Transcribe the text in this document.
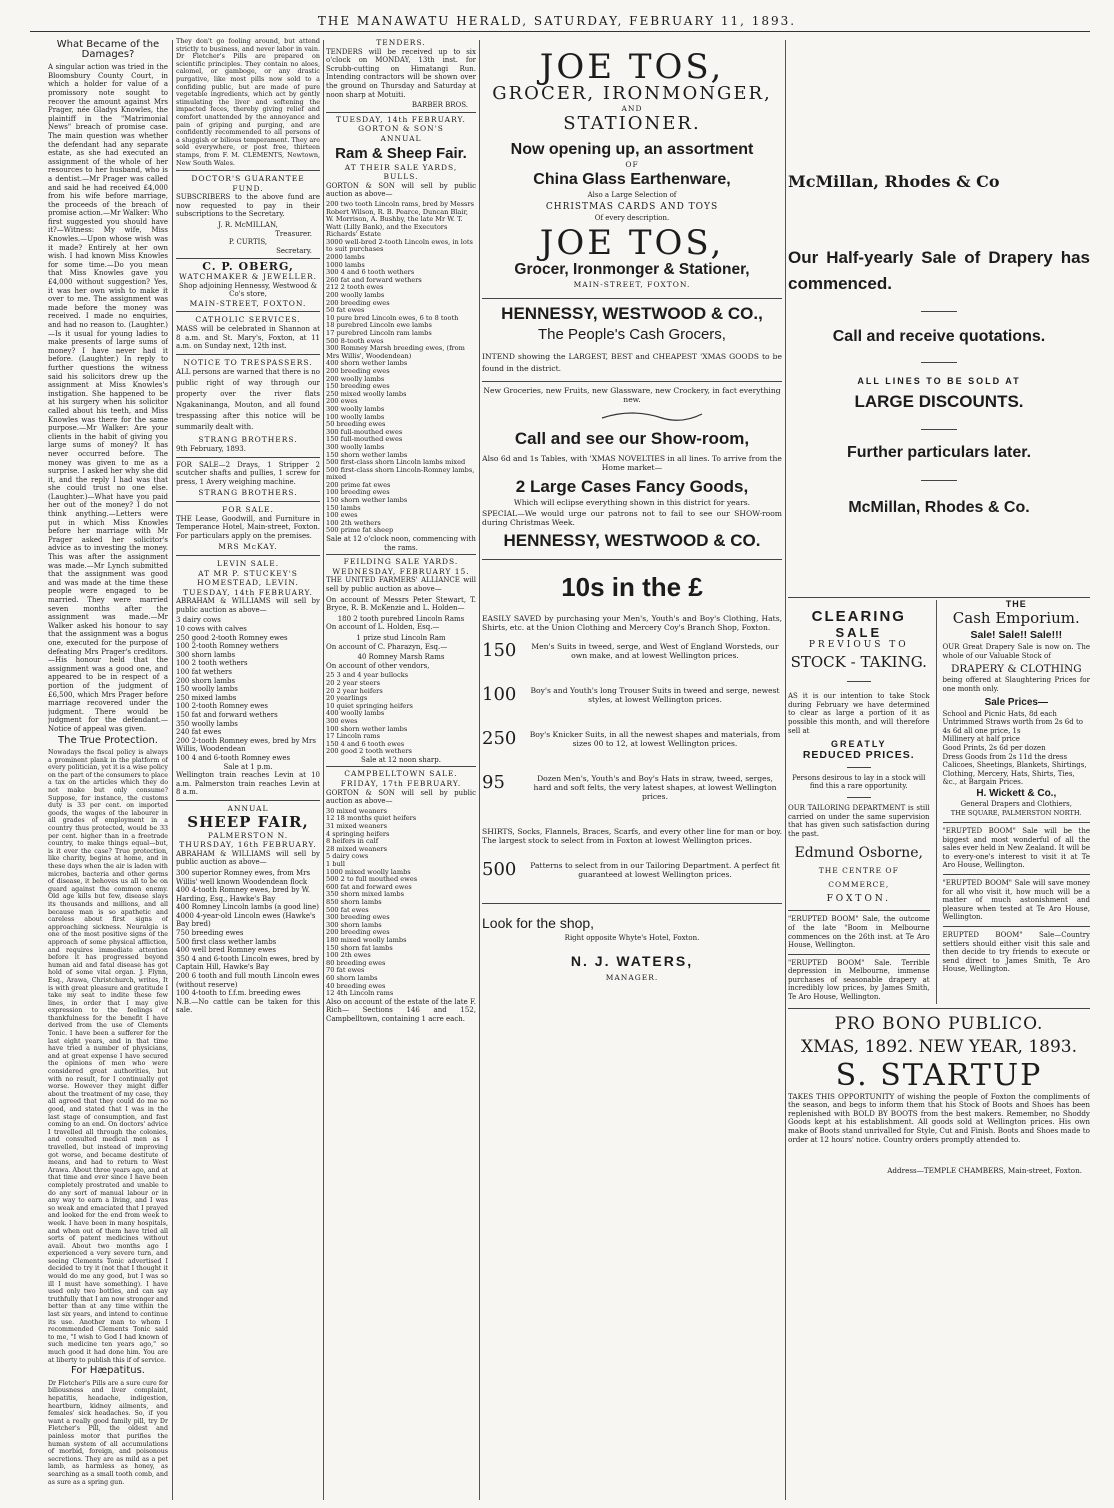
THE MANAWATU HERALD, SATURDAY, FEBRUARY 11, 1893.
What Became of the Damages?

A singular action was tried in the Bloomsbury County Court, in which a holder for value of a promissory note sought to recover the amount against Mrs Prager, née Gladys Knowles, the plaintiff in the "Matrimonial News" breach of promise case. The main question was whether the defendant had any separate estate, as she had executed an assignment of the whole of her resources to her husband, who is a dentist.—Mr Prager was called and said he had received £4,000 from his wife before marriage, the proceeds of the breach of promise action.—Mr Walker: Who first suggested you should have it?—Witness: My wife, Miss Knowles.—Upon whose wish was it made? Entirely at her own wish. I had known Miss Knowles for some time.—Do you mean that Miss Knowles gave you £4,000 without suggestion? Yes, it was her own wish to make it over to me. The assignment was made before the money was received. I made no enquiries, and had no reason to. (Laughter.)—Is it usual for young ladies to make presents of large sums of money? I have never had it before. (Laughter.) In reply to further questions the witness said his solicitors drew up the assignment at Miss Knowles's instigation. She happened to be at his surgery when his solicitor called about his teeth, and Miss Knowles was there for the same purpose.—Mr Walker: Are your clients in the habit of giving you large sums of money? It has never occurred before. The money was given to me as a surprise. I asked her why she did it, and the reply I had was that she could trust no one else. (Laughter.)—What have you paid her out of the money? I do not think anything.—Letters were put in which Miss Knowles before her marriage with Mr Prager asked her solicitor's advice as to investing the money. This was after the assignment was made.—Mr Lynch submitted that the assignment was good and was made at the time these people were engaged to be married. They were married seven months after the assignment was made.—Mr Walker asked his honour to say that the assignment was a bogus one, executed for the purpose of defeating Mrs Prager's creditors.—His honour held that the assignment was a good one, and appeared to be in respect of a portion of the judgment of £6,500, which Mrs Prager before marriage recovered under the judgment. There would be judgment for the defendant.—Notice of appeal was given.

The True Protection.

Nowadays the fiscal policy is always a prominent plank in the platform of every politician, yet it is a wise policy on the part of the consumers to place a tax on the articles which they do not make but only consume? Suppose, for instance, the customs duty is 33 per cent. on imported goods, the wages of the labourer in all grades of employment in a country thus protected, would be 33 per cent. higher than in a freetrade country, to make things equal—but, is it ever the case? True protection, like charity, begins at home, and in these days when the air is laden with microbes, bacteria and other germs of disease, it behoves us all to be on guard against the common enemy. Old age kills but few, disease slays its thousands and millions, and all because man is so apathetic and careless about first signs of approaching sickness. Neuralgia is one of the most positive signs of the approach of some physical affliction, and requires immediate attention before it has progressed beyond human aid and fatal disease has got hold of some vital organ. J. Flynn, Esq., Arawa, Christchurch, writes, It is with great pleasure and gratitude I take my seat to indite these few lines, in order that I may give expression to the feelings of thankfulness for the benefit I have derived from the use of Clements Tonic. I have been a sufferer for the last eight years, and in that time have tried a number of physicians, and at great expense I have secured the opinions of men who were considered great authorities, but with no result, for I continually got worse. However they might differ about the treatment of my case, they all agreed that they could do me no good, and stated that I was in the last stage of consumption, and fast coming to an end. On doctors' advice I travelled all through the colonies, and consulted medical men as I travelled, but instead of improving got worse, and became destitute of means, and had to return to West Arawa. About three years ago, and at that time and ever since I have been completely prostrated and unable to do any sort of manual labour or in any way to earn a living, and I was so weak and emaciated that I prayed and looked for the end from week to week. I have been in many hospitals, and when out of them have tried all sorts of patent medicines without avail. About two months ago I experienced a very severe turn, and seeing Clements Tonic advertised I decided to try it (not that I thought it would do me any good, but I was so ill I must have something). I have used only two bottles, and can say truthfully that I am now stronger and better than at any time within the last six years, and intend to continue its use. Another man to whom I recommended Clements Tonic said to me, "I wish to God I had known of such medicine ten years ago," so much good it had done him. You are at liberty to publish this if of service.

For Hæpatitus.

Dr Fletcher's Pills are a sure cure for biliousness and liver complaint, hepatitis, headache, indigestion, heartburn, kidney ailments, and females' sick headaches. So, if you want a really good family pill, try Dr Fletcher's Pill, the oldest and painless motor that purifies the human system of all accumulations of morbid, foreign, and poisonous secretions. They are as mild as a pet lamb, as harmless as honey, as searching as a small tooth comb, and as sure as a spring gun.

They don't go fooling around, but attend strictly to business, and never labor in vain. Dr Fletcher's Pills are prepared on scientific principles. They contain no aloes, calomel, or gamboge, or any drastic purgative, like most pills now sold to a confiding public, but are made of pure vegetable ingredients, which act by gently stimulating the liver and softening the impacted feces, thereby giving relief and comfort unattended by the annoyance and pain of griping and purging, and are confidently recommended to all persons of a sluggish or bilious temperament. They are sold everywhere, or post free, thirteen stamps, from F. M. CLEMENTS, Newtown, New South Wales.

DOCTOR'S GUARANTEE FUND.

SUBSCRIBERS to the above fund are now requested to pay in their subscriptions to the Secretary.

J. R. McMILLAN,
Treasurer.
P. CURTIS,
Secretary.
C. P. OBERG,
WATCHMAKER & JEWELLER.
Shop adjoining Hennessy, Westwood & Co's store,
MAIN-STREET, FOXTON.
CATHOLIC SERVICES.

MASS will be celebrated in Shannon at 8 a.m. and St. Mary's, Foxton, at 11 a.m. on Sunday next, 12th inst.

NOTICE TO TRESPASSERS.

ALL persons are warned that there is no public right of way through our property over the river flats Ngakaninanga, Mouton, and all found trespassing after this notice will be summarily dealt with.

STRANG BROTHERS.
9th February, 1893.

FOR SALE—2 Drays, 1 Stripper 2 scutcher shafts and pullies, 1 screw for press, 1 Avery weighing machine.

STRANG BROTHERS.
FOR SALE.

THE Lease, Goodwill, and Furniture in Temperance Hotel, Main-street, Foxton. For particulars apply on the premises.

MRS McKAY.
LEVIN SALE.
AT MR P. STUCKEY'S HOMESTEAD, LEVIN.
TUESDAY, 14th FEBRUARY.

ABRAHAM & WILLIAMS will sell by public auction as above—

3 dairy cows
10 cows with calves
250 good 2-tooth Romney ewes
100 2-tooth Romney wethers
300 shorn lambs
100 2 tooth wethers
100 fat wethers
200 shorn lambs
150 woolly lambs
250 mixed lambs
100 2-tooth Romney ewes
150 fat and forward wethers
350 woolly lambs
240 fat ewes
200 2-tooth Romney ewes, bred by Mrs Willis, Woodendean
100 4 and 6-tooth Romney ewes
Sale at 1 p.m.

Wellington train reaches Levin at 10 a.m. Palmerston train reaches Levin at 8 a.m.

ANNUAL
SHEEP FAIR,
PALMERSTON N.
THURSDAY, 16th FEBRUARY.

ABRAHAM & WILLIAMS will sell by public auction as above—

300 superior Romney ewes, from Mrs Willis' well known Woodendean flock
400 4-tooth Romney ewes, bred by W. Harding, Esq., Hawke's Bay
400 Romney Lincoln lambs (a good line)
4000 4-year-old Lincoln ewes (Hawke's Bay bred)
750 breeding ewes
500 first class wether lambs
400 well bred Romney ewes
350 4 and 6-tooth Lincoln ewes, bred by Captain Hill, Hawke's Bay
200 6 tooth and full mouth Lincoln ewes (without reserve)
100 4-tooth to f.f.m. breeding ewes

N.B.—No cattle can be taken for this sale.

TENDERS.

TENDERS will be received up to six o'clock on MONDAY, 13th inst. for Scrubb-cutting on Himatangi Run. Intending contractors will be shown over the ground on Thursday and Saturday at noon sharp at Motuiti.

BARBER BROS.
TUESDAY, 14th FEBRUARY.
GORTON & SON'S
ANNUAL
Ram & Sheep Fair.
AT THEIR SALE YARDS, BULLS.

GORTON & SON will sell by public auction as above—

200 two tooth Lincoln rams, bred by Messrs Robert Wilson, R. B. Pearce, Duncan Blair, W. Morrison, A. Bushby, the late Mr W. T. Watt (Lilly Bank), and the Executors Richards' Estate
3000 well-bred 2-tooth Lincoln ewes, in lots to suit purchases
2000 lambs
1000 lambs
300 4 and 6 tooth wethers
260 fat and forward wethers
212 2 tooth ewes
200 woolly lambs
200 breeding ewes
50 fat ewes
10 pure bred Lincoln ewes, 6 to 8 tooth
18 purebred Lincoln ewe lambs
17 purebred Lincoln ram lambs
500 8-tooth ewes
300 Romney Marsh breeding ewes, (from Mrs Willis', Woodendean)
400 shorn wether lambs
200 breeding ewes
200 woolly lambs
150 breeding ewes
250 mixed woolly lambs
200 ewes
300 woolly lambs
100 woolly lambs
50 breeding ewes
300 full-mouthed ewes
150 full-mouthed ewes
300 woolly lambs
150 shorn wether lambs
500 first-class shorn Lincoln lambs mixed
500 first-class shorn Lincoln-Romney lambs, mixed
200 prime fat ewes
100 breeding ewes
150 shorn wether lambs
150 lambs
100 ewes
100 2th wethers
500 prime fat sheep

Sale at 12 o'clock noon, commencing with the rams.

FEILDING SALE YARDS.
WEDNESDAY, FEBRUARY 15.

THE UNITED FARMERS' ALLIANCE will sell by public auction as above—

On account of Messrs Peter Stewart, T. Bryce, R. B. McKenzie and L. Holden—

180 2 tooth purebred Lincoln Rams

On account of L. Holden, Esq.—

1 prize stud Lincoln Ram

On account of C. Pharazyn, Esq.—

40 Romney Marsh Rams

On account of other vendors,

25 3 and 4 year bullocks
20 2 year steers
20 2 year heifers
20 yearlings
10 quiet springing heifers
400 woolly lambs
300 ewes
100 shorn wether lambs
17 Lincoln rams
150 4 and 6 tooth ewes
200 good 2 tooth wethers
Sale at 12 noon sharp.
CAMPBELLTOWN SALE.
FRIDAY, 17th FEBRUARY.

GORTON & SON will sell by public auction as above—

30 mixed weaners
12 18 months quiet heifers
31 mixed weaners
4 springing heifers
8 heifers in calf
28 mixed weaners
5 dairy cows
1 bull
1000 mixed woolly lambs
500 2 to full mouthed ewes
600 fat and forward ewes
350 shorn mixed lambs
850 shorn lambs
500 fat ewes
300 breeding ewes
300 shorn lambs
200 breeding ewes
180 mixed woolly lambs
150 shorn fat lambs
100 2th ewes
80 breeding ewes
70 fat ewes
60 shorn lambs
40 breeding ewes
12 4th Lincoln rams

Also on account of the estate of the late F. Rich— Sections 146 and 152, Campbelltown, containing 1 acre each.

JOE TOS,
GROCER, IRONMONGER,
AND
STATIONER.
Now opening up, an assortment
OF
China Glass Earthenware,
Also a Large Selection of
CHRISTMAS CARDS AND TOYS
Of every description.
JOE TOS,
Grocer, Ironmonger & Stationer,
MAIN-STREET, FOXTON.
HENNESSY, WESTWOOD & CO.,
The People's Cash Grocers,

INTEND showing the LARGEST, BEST and CHEAPEST 'XMAS GOODS to be found in the district.

New Groceries, new Fruits, new Glassware, new Crockery, in fact everything new.

Call and see our Show-room,

Also 6d and 1s Tables, with 'XMAS NOVELTIES in all lines. To arrive from the Home market—

2 Large Cases Fancy Goods,

Which will eclipse everything shown in this district for years.

SPECIAL—We would urge our patrons not to fail to see our SHOW-room during Christmas Week.

HENNESSY, WESTWOOD & CO.
10s in the £

EASILY SAVED by purchasing your Men's, Youth's and Boy's Clothing, Hats, Shirts, etc. at the Union Clothing and Mercery Coy's Branch Shop, Foxton.

150	Men's Suits in tweed, serge, and West of England Worsteds, our own make, and at lowest Wellington prices.
100	Boy's and Youth's long Trouser Suits in tweed and serge, newest styles, at lowest Wellington prices.
250	Boy's Knicker Suits, in all the newest shapes and materials, from sizes 00 to 12, at lowest Wellington prices.
95	Dozen Men's, Youth's and Boy's Hats in straw, tweed, serges, hard and soft felts, the very latest shapes, at lowest Wellington prices.

SHIRTS, Socks, Flannels, Braces, Scarfs, and every other line for man or boy. The largest stock to select from in Foxton at lowest Wellington prices.

500	Patterns to select from in our Tailoring Department. A perfect fit guaranteed at lowest Wellington prices.
Look for the shop,
Right opposite Whyte's Hotel, Foxton.
N. J. WATERS,
MANAGER.
McMillan, Rhodes & Co
Our Half-yearly Sale of Drapery has commenced.
Call and receive quotations.
ALL LINES TO BE SOLD AT
LARGE DISCOUNTS.
Further particulars later.
McMillan, Rhodes & Co.
CLEARING
SALE
PREVIOUS TO
STOCK - TAKING.

AS it is our intention to take Stock during February we have determined to clear as large a portion of it as possible this month, and will therefore sell at

GREATLY
REDUCED PRICES.

Persons desirous to lay in a stock will find this a rare opportunity.

OUR TAILORING DEPARTMENT is still carried on under the same supervision that has given such satisfaction during the past.

Edmund Osborne,
THE CENTRE OF COMMERCE,
FOXTON.

"ERUPTED BOOM" Sale, the outcome of the late "Boom in Melbourne commences on the 26th inst. at Te Aro House, Wellington.

"ERUPTED BOOM" Sale. Terrible depression in Melbourne, immense purchases of seasonable drapery at incredibly low prices, by James Smith, Te Aro House, Wellington.

THE
Cash Emporium.
Sale! Sale!! Sale!!!

OUR Great Drapery Sale is now on. The whole of our Valuable Stock of

DRAPERY & CLOTHING

being offered at Slaughtering Prices for one month only.

Sale Prices—
School and Picnic Hats, 8d each
Untrimmed Straws worth from 2s 6d to 4s 6d all one price, 1s
Millinery at half price
Good Prints, 2s 6d per dozen
Dress Goods from 2s 11d the dress
Calicoes, Sheetings, Blankets, Shirtings, Clothing, Mercery, Hats, Shirts, Ties, &c., at Bargain Prices.
H. Wickett & Co.,
General Drapers and Clothiers,
THE SQUARE, PALMERSTON NORTH.

"ERUPTED BOOM" Sale will be the biggest and most wonderful of all the sales ever held in New Zealand. It will be to every-one's interest to visit it at Te Aro House, Wellington.

"ERUPTED BOOM" Sale will save money for all who visit it, how much will be a matter of much astonishment and pleasure when tested at Te Aro House, Wellington.

ERUPTED BOOM" Sale—Country settlers should either visit this sale and then decide to try friends to execute or send direct to James Smith, Te Aro House, Wellington.

PRO BONO PUBLICO.
XMAS, 1892. NEW YEAR, 1893.
S. STARTUP

TAKES THIS OPPORTUNITY of wishing the people of Foxton the compliments of the season, and begs to inform them that his Stock of Boots and Shoes has been replenished with BOLD BY BOOTS from the best makers. Remember, no Shoddy Goods kept at his establishment. All goods sold at Wellington prices. His own make of Boots stand unrivalled for Style, Cut and Finish. Boots and Shoes made to order at 12 hours' notice. Country orders promptly attended to.

Address—TEMPLE CHAMBERS, Main-street, Foxton.
